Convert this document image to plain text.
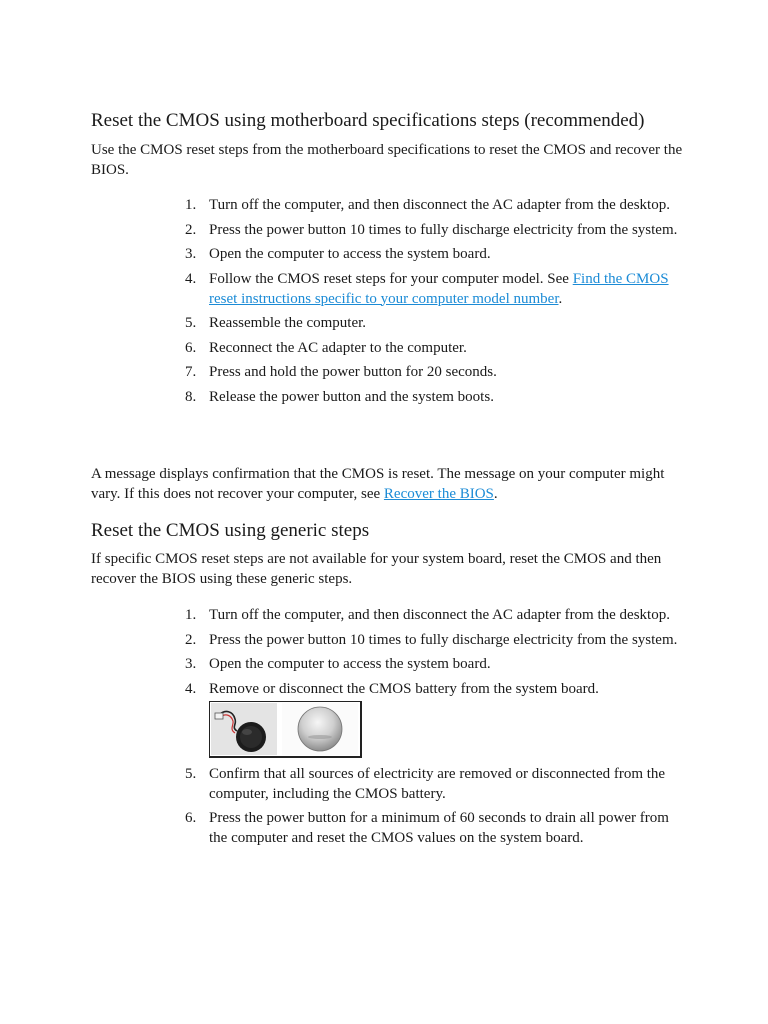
Reset the CMOS using motherboard specifications steps (recommended)

Use the CMOS reset steps from the motherboard specifications to reset the CMOS and recover the BIOS.

1. Turn off the computer, and then disconnect the AC adapter from the desktop.
2. Press the power button 10 times to fully discharge electricity from the system.
3. Open the computer to access the system board.
4. Follow the CMOS reset steps for your computer model. See Find the CMOS reset instructions specific to your computer model number.
5. Reassemble the computer.
6. Reconnect the AC adapter to the computer.
7. Press and hold the power button for 20 seconds.
8. Release the power button and the system boots.

A message displays confirmation that the CMOS is reset. The message on your computer might vary. If this does not recover your computer, see Recover the BIOS.

Reset the CMOS using generic steps

If specific CMOS reset steps are not available for your system board, reset the CMOS and then recover the BIOS using these generic steps.

1. Turn off the computer, and then disconnect the AC adapter from the desktop.
2. Press the power button 10 times to fully discharge electricity from the system.
3. Open the computer to access the system board.
4. Remove or disconnect the CMOS battery from the system board.
5. Confirm that all sources of electricity are removed or disconnected from the computer, including the CMOS battery.
6. Press the power button for a minimum of 60 seconds to drain all power from the computer and reset the CMOS values on the system board.
